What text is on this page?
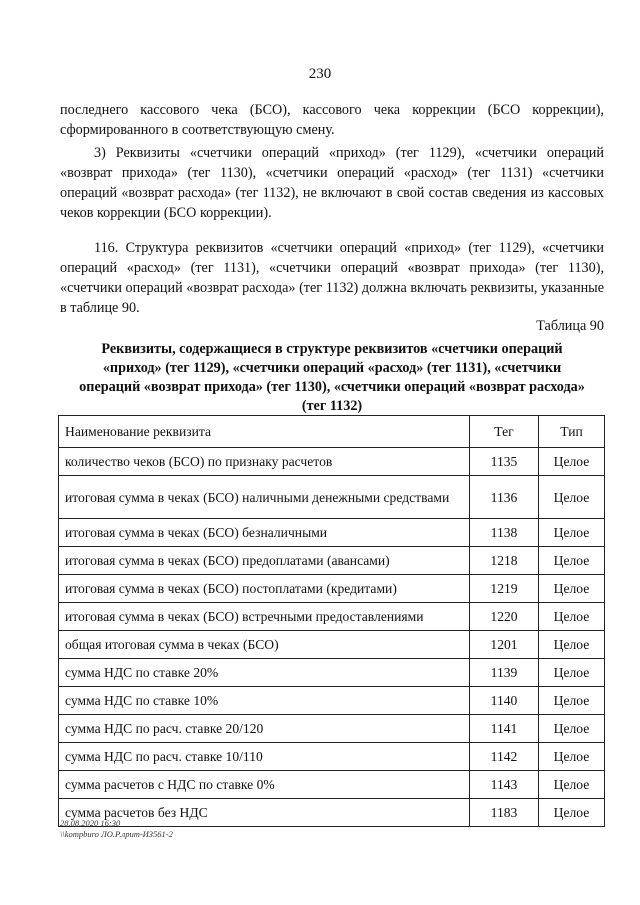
230
последнего кассового чека (БСО), кассового чека коррекции (БСО коррекции), сформированного в соответствующую смену.
3) Реквизиты «счетчики операций «приход» (тег 1129), «счетчики операций «возврат прихода» (тег 1130), «счетчики операций «расход» (тег 1131) «счетчики операций «возврат расхода» (тег 1132), не включают в свой состав сведения из кассовых чеков коррекции (БСО коррекции).
116. Структура реквизитов «счетчики операций «приход» (тег 1129), «счетчики операций «расход» (тег 1131), «счетчики операций «возврат прихода» (тег 1130), «счетчики операций «возврат расхода» (тег 1132) должна включать реквизиты, указанные в таблице 90.
Таблица 90
Реквизиты, содержащиеся в структуре реквизитов «счетчики операций «приход» (тег 1129), «счетчики операций «расход» (тег 1131), «счетчики операций «возврат прихода» (тег 1130), «счетчики операций «возврат расхода» (тег 1132)
Наименование реквизита	Тег	Тип
количество чеков (БСО) по признаку расчетов	1135	Целое
итоговая сумма в чеках (БСО) наличными денежными средствами	1136	Целое
итоговая сумма в чеках (БСО) безналичными	1138	Целое
итоговая сумма в чеках (БСО) предоплатами (авансами)	1218	Целое
итоговая сумма в чеках (БСО) постоплатами (кредитами)	1219	Целое
итоговая сумма в чеках (БСО) встречными предоставлениями	1220	Целое
общая итоговая сумма в чеках (БСО)	1201	Целое
сумма НДС по ставке 20%	1139	Целое
сумма НДС по ставке 10%	1140	Целое
сумма НДС по расч. ставке 20/120	1141	Целое
сумма НДС по расч. ставке 10/110	1142	Целое
сумма расчетов с НДС по ставке 0%	1143	Целое
сумма расчетов без НДС	1183	Целое
28.08.2020 16:30
\\kompburo ЛО.Р.лрит-ИЗ561-2
